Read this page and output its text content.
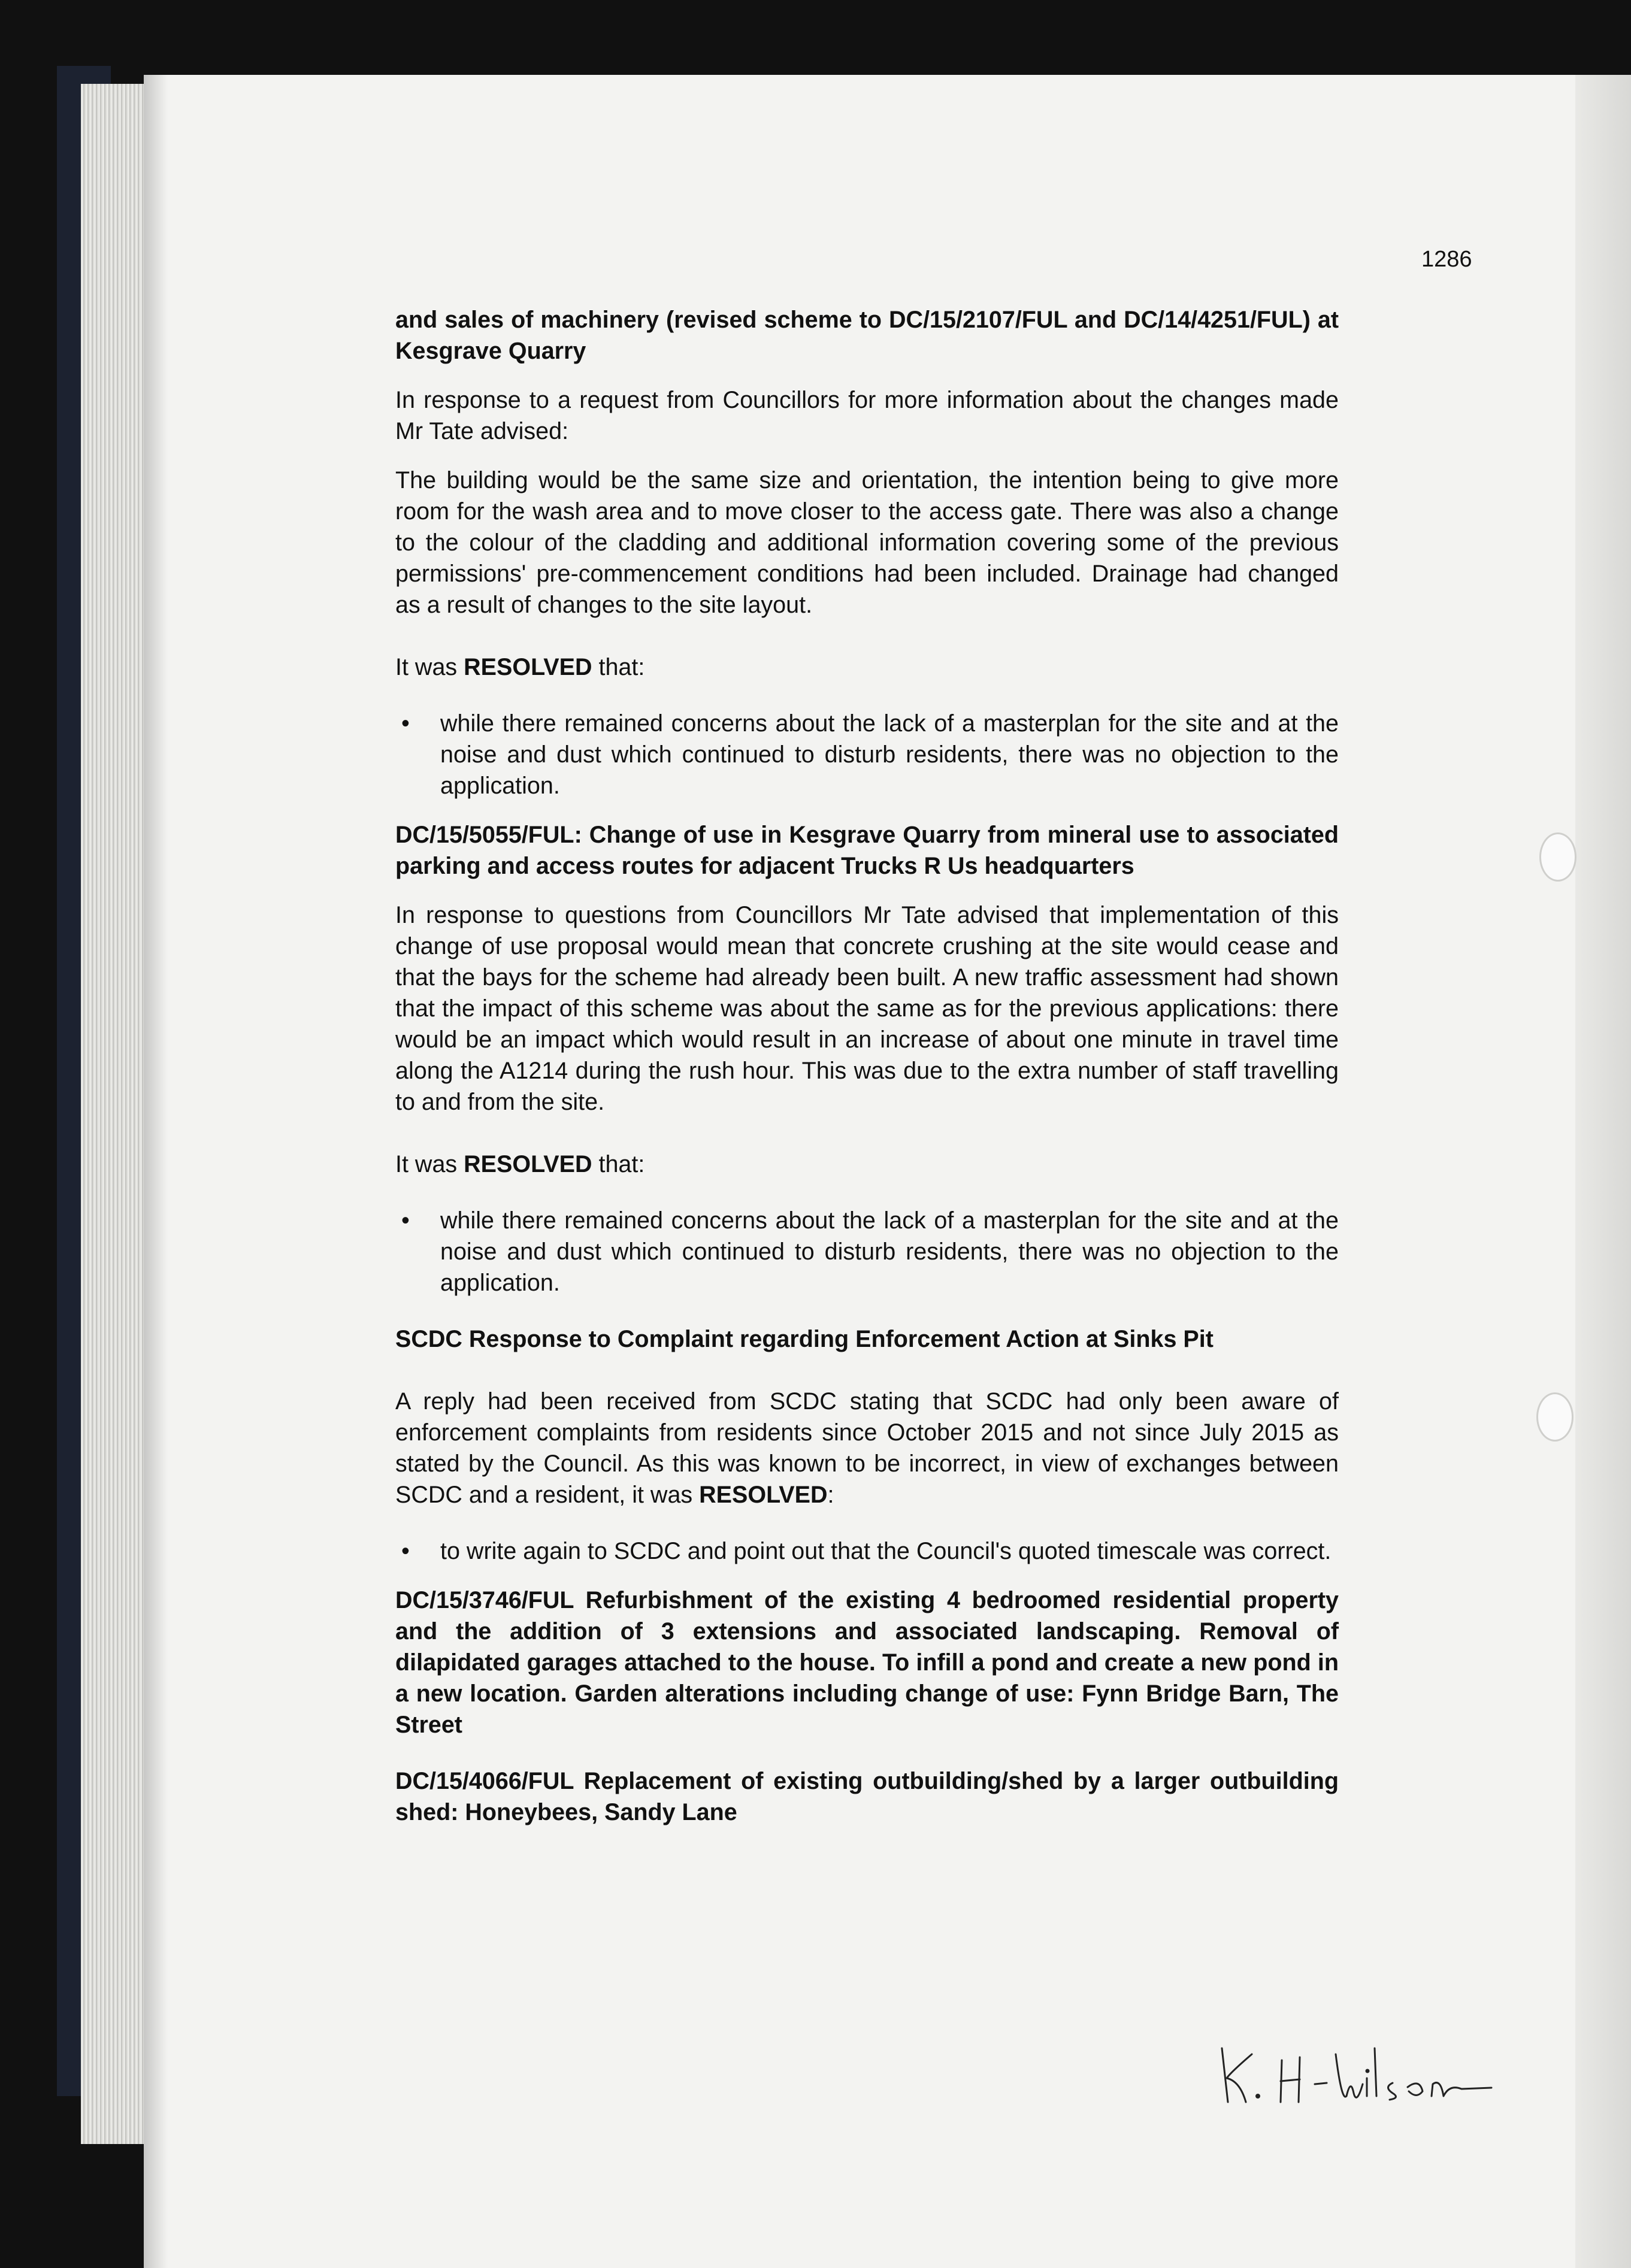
1286
and sales of machinery (revised scheme to DC/15/2107/FUL and DC/14/4251/FUL) at Kesgrave Quarry

In response to a request from Councillors for more information about the changes made Mr Tate advised:

The building would be the same size and orientation, the intention being to give more room for the wash area and to move closer to the access gate. There was also a change to the colour of the cladding and additional information covering some of the previous permissions' pre-commencement conditions had been included. Drainage had changed as a result of changes to the site layout.

It was RESOLVED that:

• while there remained concerns about the lack of a masterplan for the site and at the noise and dust which continued to disturb residents, there was no objection to the application.
DC/15/5055/FUL: Change of use in Kesgrave Quarry from mineral use to associated parking and access routes for adjacent Trucks R Us headquarters

In response to questions from Councillors Mr Tate advised that implementation of this change of use proposal would mean that concrete crushing at the site would cease and that the bays for the scheme had already been built. A new traffic assessment had shown that the impact of this scheme was about the same as for the previous applications: there would be an impact which would result in an increase of about one minute in travel time along the A1214 during the rush hour. This was due to the extra number of staff travelling to and from the site.

It was RESOLVED that:

• while there remained concerns about the lack of a masterplan for the site and at the noise and dust which continued to disturb residents, there was no objection to the application.
SCDC Response to Complaint regarding Enforcement Action at Sinks Pit

A reply had been received from SCDC stating that SCDC had only been aware of enforcement complaints from residents since October 2015 and not since July 2015 as stated by the Council. As this was known to be incorrect, in view of exchanges between SCDC and a resident, it was RESOLVED:

• to write again to SCDC and point out that the Council's quoted timescale was correct.
DC/15/3746/FUL Refurbishment of the existing 4 bedroomed residential property and the addition of 3 extensions and associated landscaping. Removal of dilapidated garages attached to the house. To infill a pond and create a new pond in a new location. Garden alterations including change of use: Fynn Bridge Barn, The Street
DC/15/4066/FUL Replacement of existing outbuilding/shed by a larger outbuilding shed: Honeybees, Sandy Lane
